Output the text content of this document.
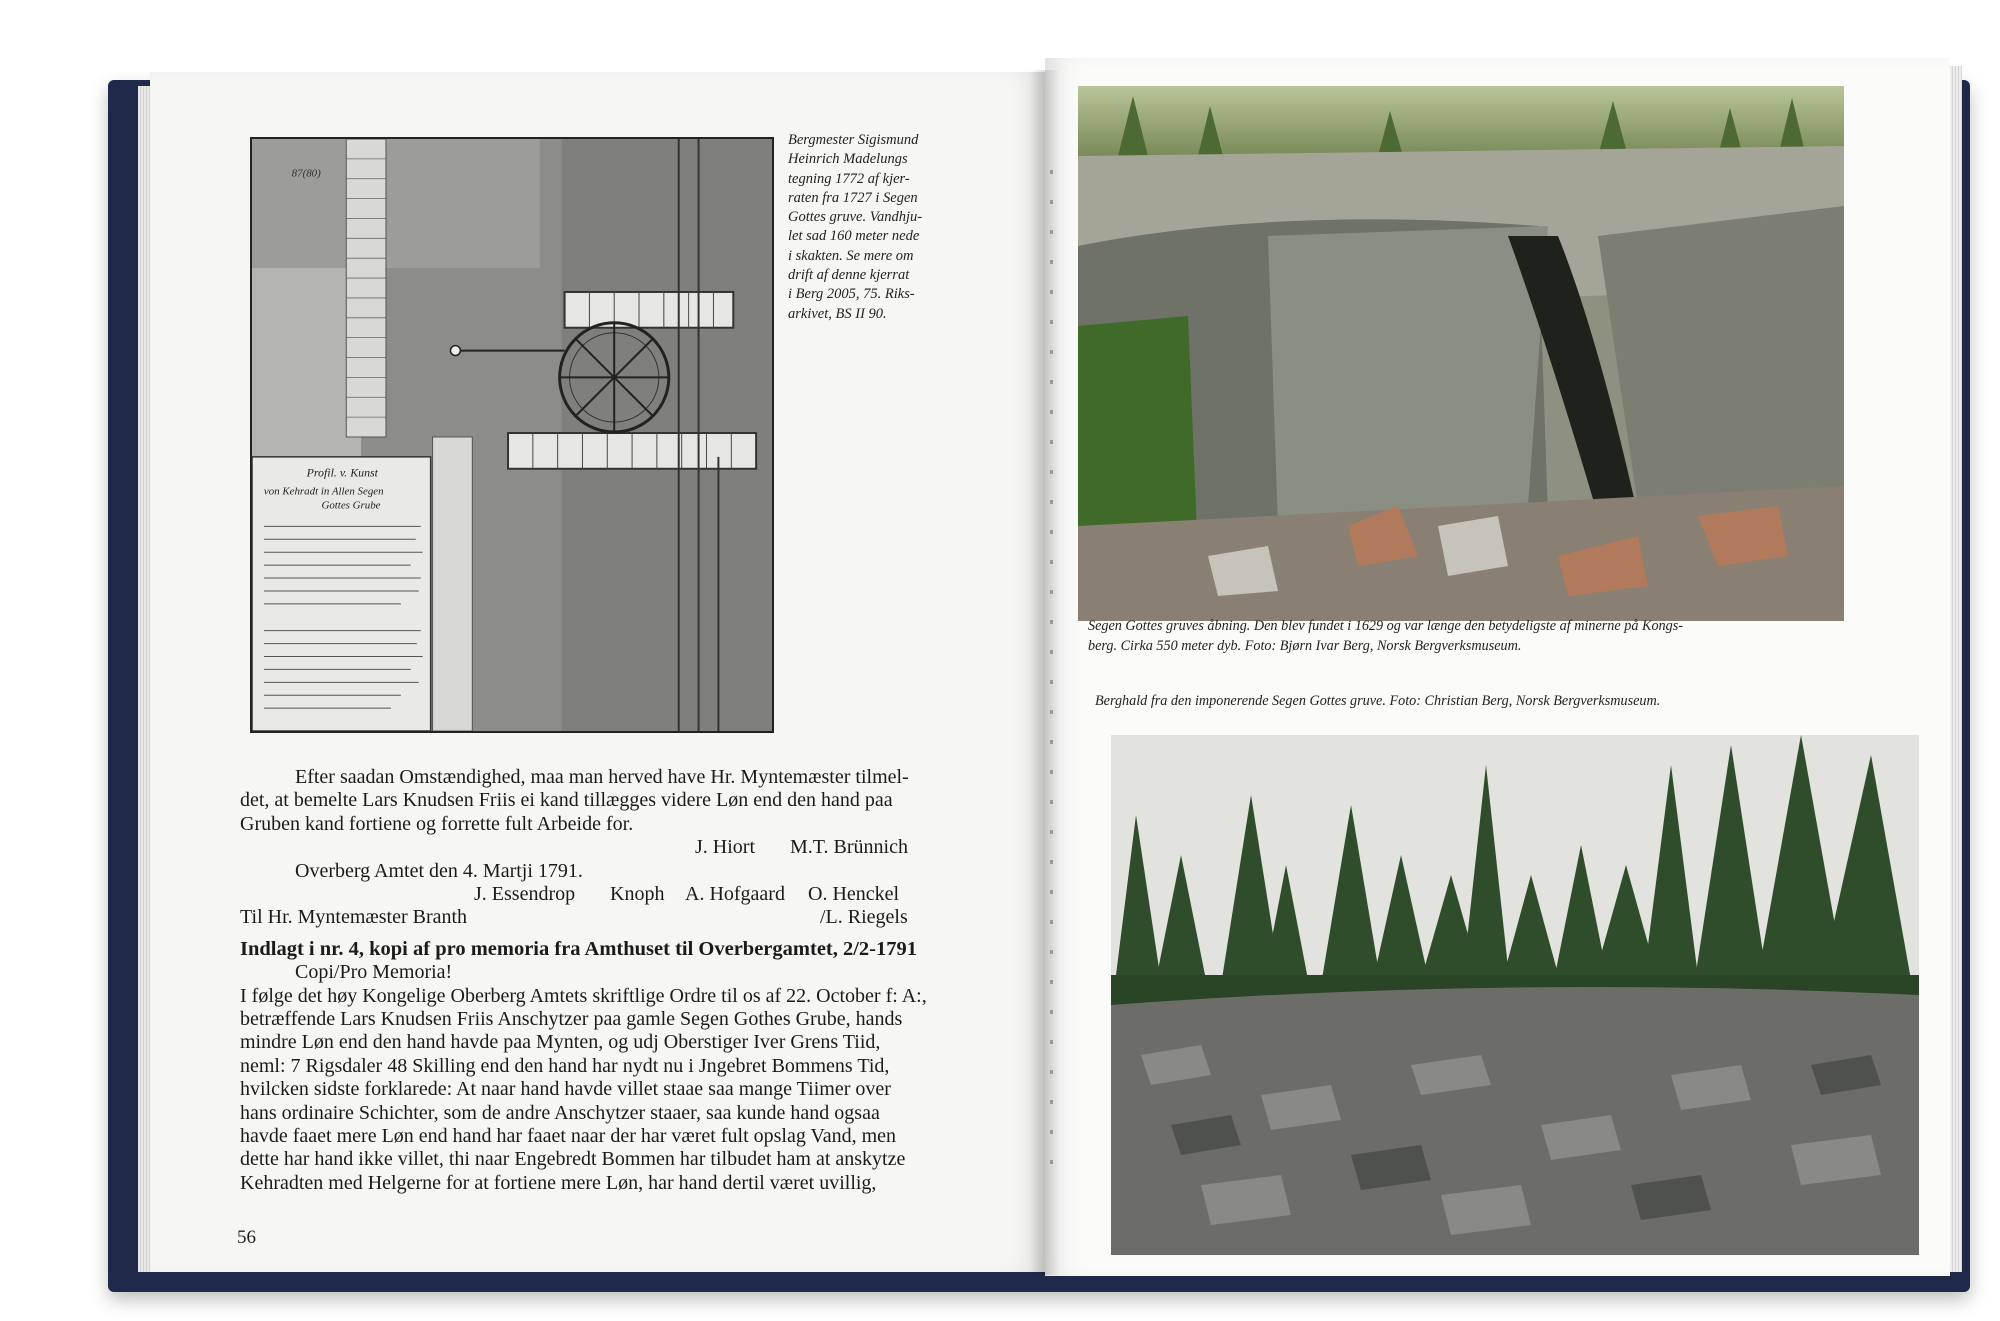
Profil. v. Kunst
von Kehradt in Allen Segen
Gottes Grube
87(80)

Bergmester Sigismund

Heinrich Madelungs

tegning 1772 af kjer-

raten fra 1727 i Segen

Gottes gruve. Vandhju-

let sad 160 meter nede

i skakten. Se mere om

drift af denne kjerrat

i Berg 2005, 75. Riks-

arkivet, BS II 90.

Efter saadan Omstændighed, maa man herved have Hr. Myntemæster tilmel-

det, at bemelte Lars Knudsen Friis ei kand tillægges videre Løn end den hand paa

Gruben kand fortiene og forrette fult Arbeide for.

J. Hiort M.T. Brünnich
Overberg Amtet den 4. Martji 1791.
J. Essendrop Knoph A. Hofgaard O. Henckel
/L. Riegels
Til Hr. Myntemæster Branth

Indlagt i nr. 4, kopi af pro memoria fra Amthuset til Overbergamtet, 2/2-1791

Copi/Pro Memoria!

I følge det høy Kongelige Oberberg Amtets skriftlige Ordre til os af 22. October f: A:,

betræffende Lars Knudsen Friis Anschytzer paa gamle Segen Gothes Grube, hands

mindre Løn end den hand havde paa Mynten, og udj Oberstiger Iver Grens Tiid,

neml: 7 Rigsdaler 48 Skilling end den hand har nydt nu i Jngebret Bommens Tid,

hvilcken sidste forklarede: At naar hand havde villet staae saa mange Tiimer over

hans ordinaire Schichter, som de andre Anschytzer staaer, saa kunde hand ogsaa

havde faaet mere Løn end hand har faaet naar der har været fult opslag Vand, men

dette har hand ikke villet, thi naar Engebredt Bommen har tilbudet ham at anskytze

Kehradten med Helgerne for at fortiene mere Løn, har hand dertil været uvillig,

56

Segen Gottes gruves åbning. Den blev fundet i 1629 og var længe den betydeligste af minerne på Kongs-

berg. Cirka 550 meter dyb. Foto: Bjørn Ivar Berg, Norsk Bergverksmuseum.

Berghald fra den imponerende Segen Gottes gruve. Foto: Christian Berg, Norsk Bergverksmuseum.
